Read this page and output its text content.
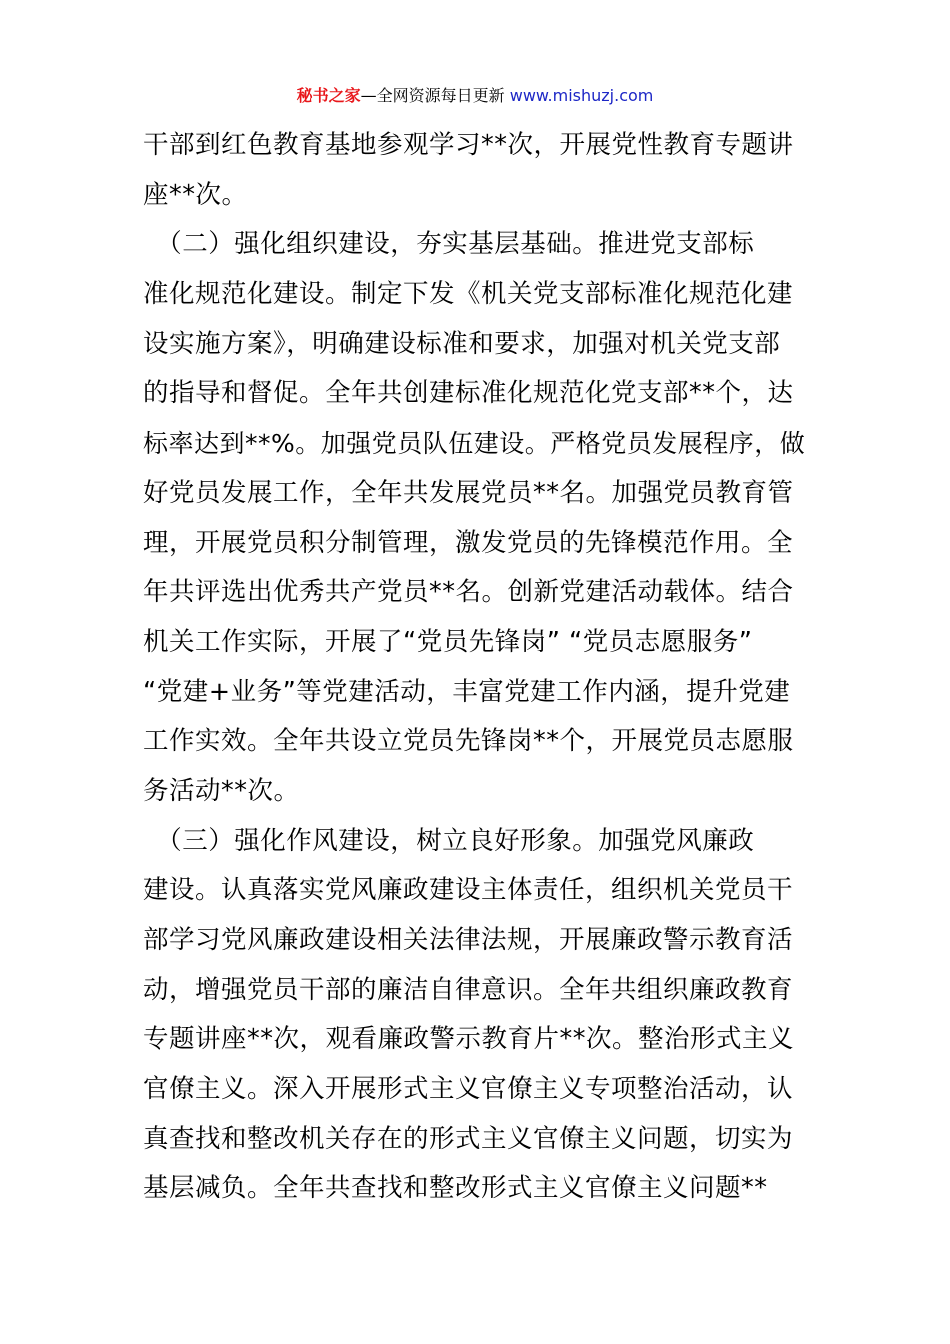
秘书之家—全网资源每日更新 www.mishuzj.com
干部到红色教育基地参观学习**次，开展党性教育专题讲
座**次。
　（二）强化组织建设，夯实基层基础。推进党支部标
准化规范化建设。制定下发《机关党支部标准化规范化建
设实施方案》，明确建设标准和要求，加强对机关党支部
的指导和督促。全年共创建标准化规范化党支部**个，达
标率达到**%。加强党员队伍建设。严格党员发展程序，做
好党员发展工作，全年共发展党员**名。加强党员教育管
理，开展党员积分制管理，激发党员的先锋模范作用。全
年共评选出优秀共产党员**名。创新党建活动载体。结合
机关工作实际，开展了“党员先锋岗” “党员志愿服务”
“党建+业务”等党建活动，丰富党建工作内涵，提升党建
工作实效。全年共设立党员先锋岗**个，开展党员志愿服
务活动**次。
　（三）强化作风建设，树立良好形象。加强党风廉政
建设。认真落实党风廉政建设主体责任，组织机关党员干
部学习党风廉政建设相关法律法规，开展廉政警示教育活
动，增强党员干部的廉洁自律意识。全年共组织廉政教育
专题讲座**次，观看廉政警示教育片**次。整治形式主义
官僚主义。深入开展形式主义官僚主义专项整治活动，认
真查找和整改机关存在的形式主义官僚主义问题，切实为
基层减负。全年共查找和整改形式主义官僚主义问题**
